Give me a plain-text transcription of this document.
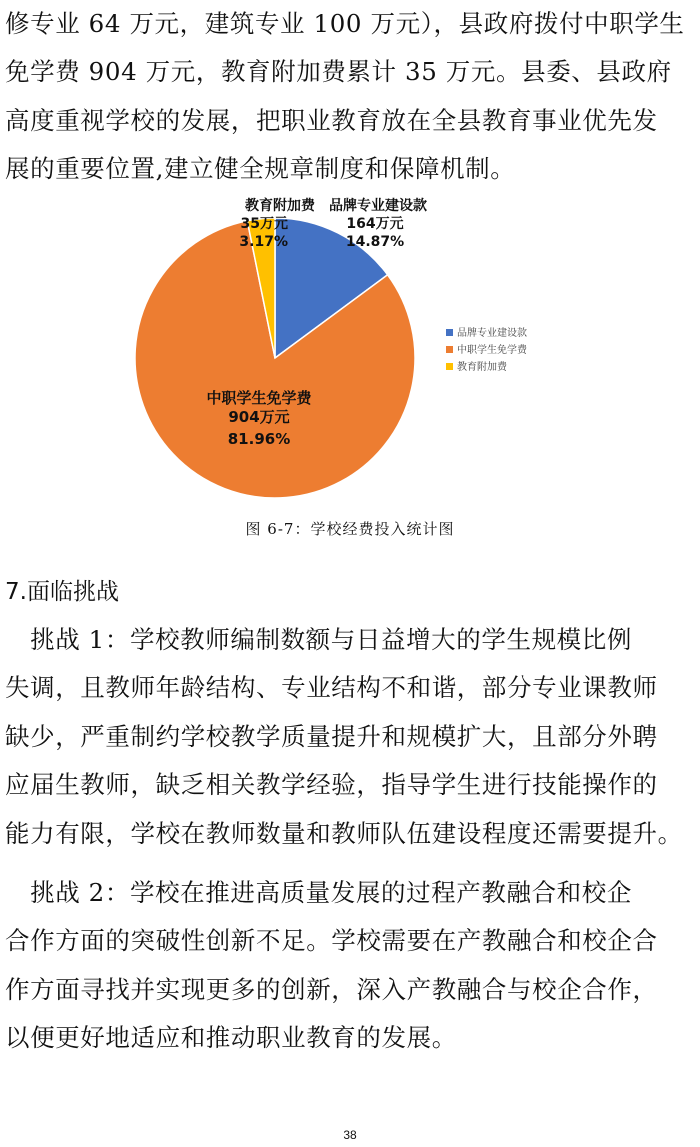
修专业 64 万元，建筑专业 100 万元），县政府拨付中职学生
免学费 904 万元，教育附加费累计 35 万元。县委、县政府
高度重视学校的发展，把职业教育放在全县教育事业优先发
展的重要位置,建立健全规章制度和保障机制。
品牌专业建设款
164万元
14.87%
中职学生免学费
904万元
81.96%
教育附加费
35万元
3.17%
品牌专业建设款
中职学生免学费
教育附加费
图 6-7：学校经费投入统计图
7.面临挑战
　挑战 1：学校教师编制数额与日益增大的学生规模比例
失调，且教师年龄结构、专业结构不和谐，部分专业课教师
缺少，严重制约学校教学质量提升和规模扩大，且部分外聘
应届生教师，缺乏相关教学经验，指导学生进行技能操作的
能力有限，学校在教师数量和教师队伍建设程度还需要提升。
　挑战 2：学校在推进高质量发展的过程产教融合和校企
合作方面的突破性创新不足。学校需要在产教融合和校企合
作方面寻找并实现更多的创新，深入产教融合与校企合作，
以便更好地适应和推动职业教育的发展。
38
